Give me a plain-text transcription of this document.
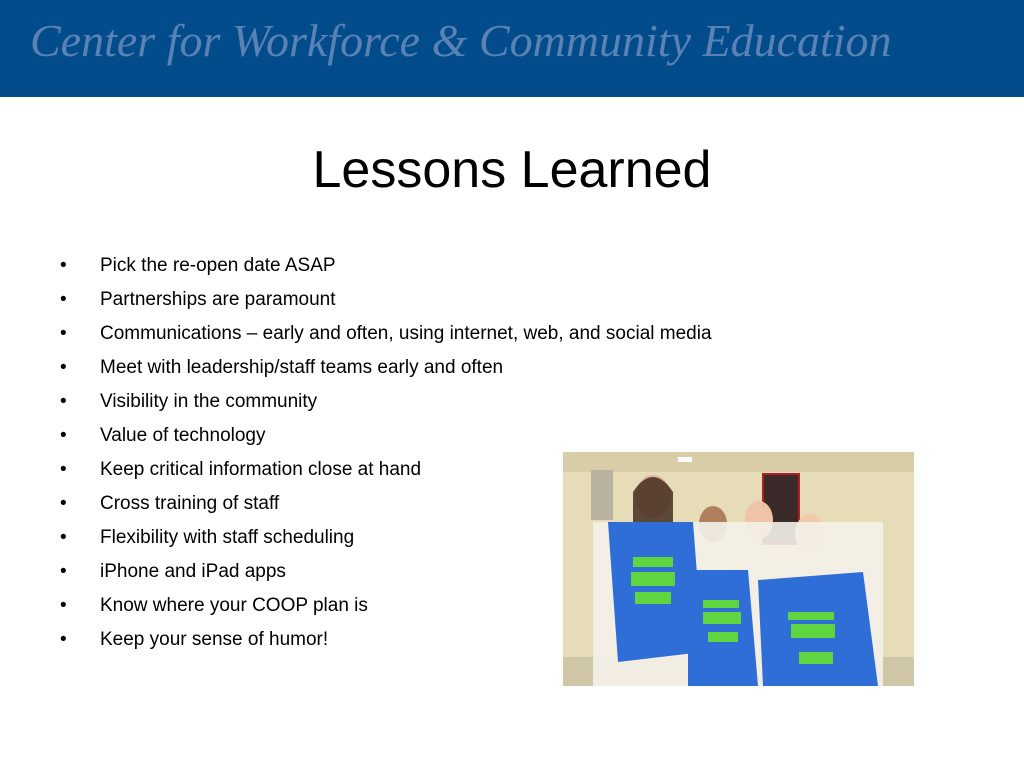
Center for Workforce & Community Education
Lessons Learned
•	Pick the re-open date ASAP
•	Partnerships are paramount
•	Communications – early and often, using internet, web, and social media
•	Meet with leadership/staff teams early and often
•	Visibility in the community
•	Value of technology
•	Keep critical information close at hand
•	Cross training of staff
•	Flexibility with staff scheduling
•	iPhone and iPad apps
•	Know where your COOP plan is
•	Keep your sense of humor!
